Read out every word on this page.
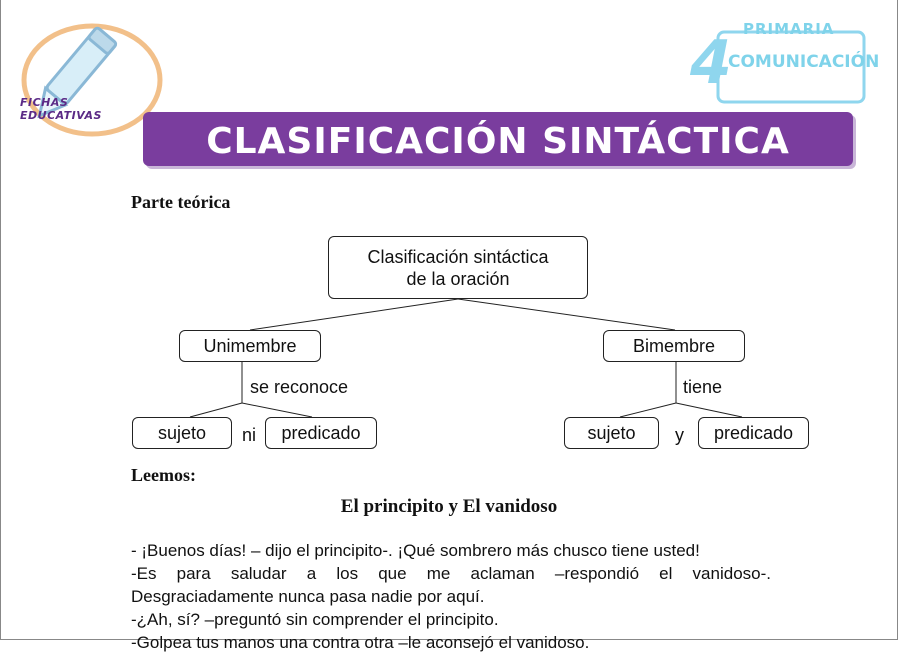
FICHAS
EDUCATIVAS
4 PRIMARIA
COMUNICACIÓN
CLASIFICACIÓN SINTÁCTICA
Parte teórica
Clasificación sintáctica
de la oración
Unimembre	Bimembre
se reconoce	tiene
sujeto	ni	predicado	sujeto	y	predicado
Leemos:
El principito y El vanidoso
- ¡Buenos días! – dijo el principito-. ¡Qué sombrero más chusco tiene usted!
-Es para saludar a los que me aclaman –respondió el vanidoso-.
Desgraciadamente nunca pasa nadie por aquí.
-¿Ah, sí? –preguntó sin comprender el principito.
-Golpea tus manos una contra otra –le aconsejó el vanidoso.
